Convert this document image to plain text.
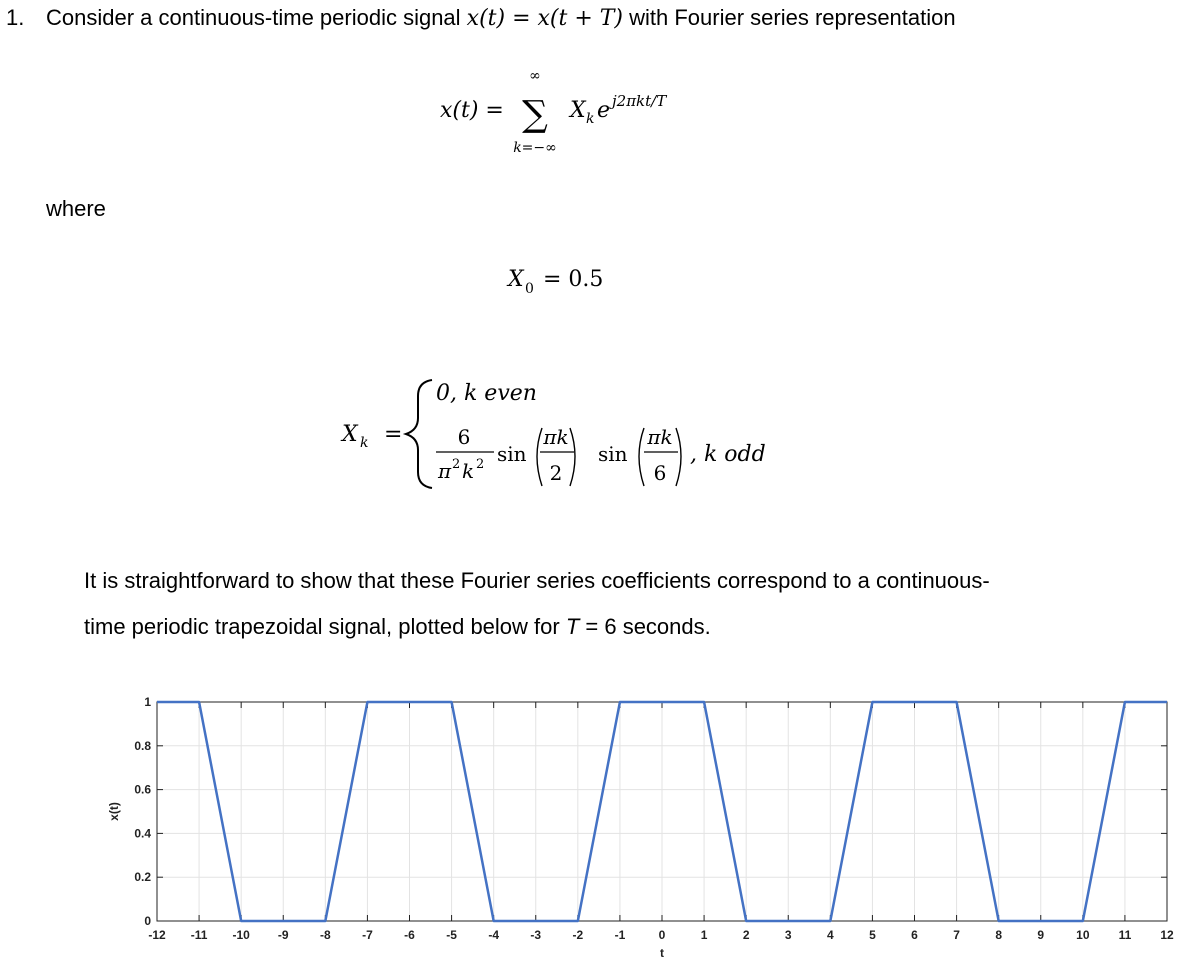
1. Consider a continuous-time periodic signal x(t) = x(t + T) with Fourier series representation
x(t) =
∞
∑
k=−∞
X k e j2πkt/T
where
X 0 = 0.5
X k =
0, k even
6
π 2 k 2 sin
πk
2
sin
πk
6
, k odd
It is straightforward to show that these Fourier series coefficients correspond to a continuous-
time periodic trapezoidal signal, plotted below for T = 6 seconds.
-12 -11 -10 -9	-8	-7	-6	-5	-4	-3	-2	-1	0	1	2	3	4	5	6	7	8	9	10 11 12
0
0.2
0.4
0.6
0.8
1
t
x(t)
